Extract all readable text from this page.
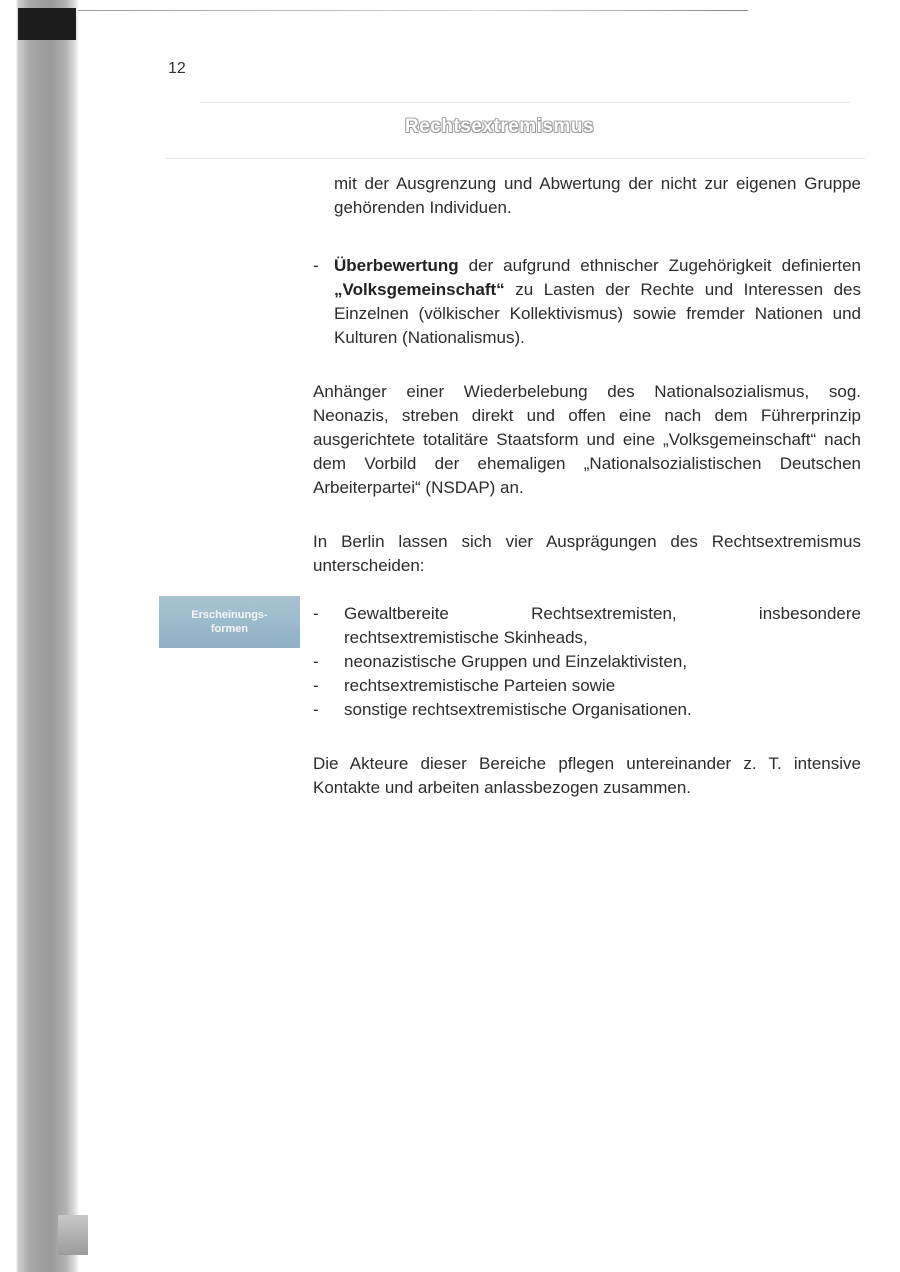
12
Rechtsextremismus
Erscheinungs-
formen

mit der Ausgrenzung und Abwertung der nicht zur eigenen Gruppe gehörenden Individuen.

- Überbewertung der aufgrund ethnischer Zugehörigkeit definierten „Volksgemeinschaft“ zu Lasten der Rechte und Interessen des Einzelnen (völkischer Kollektivismus) sowie fremder Nationen und Kulturen (Nationalismus).

Anhänger einer Wiederbelebung des Nationalsozialismus, sog. Neonazis, streben direkt und offen eine nach dem Führerprinzip ausgerichtete totalitäre Staatsform und eine „Volksgemeinschaft“ nach dem Vorbild der ehemaligen „Nationalsozialistischen Deutschen Arbeiterpartei“ (NSDAP) an.

In Berlin lassen sich vier Ausprägungen des Rechtsextremismus unterscheiden:

- Gewaltbereite Rechtsextremisten, insbesondere rechtsextremistische Skinheads,
- neonazistische Gruppen und Einzelaktivisten,
- rechtsextremistische Parteien sowie
- sonstige rechtsextremistische Organisationen.

Die Akteure dieser Bereiche pflegen untereinander z. T. intensive Kontakte und arbeiten anlassbezogen zusammen.
